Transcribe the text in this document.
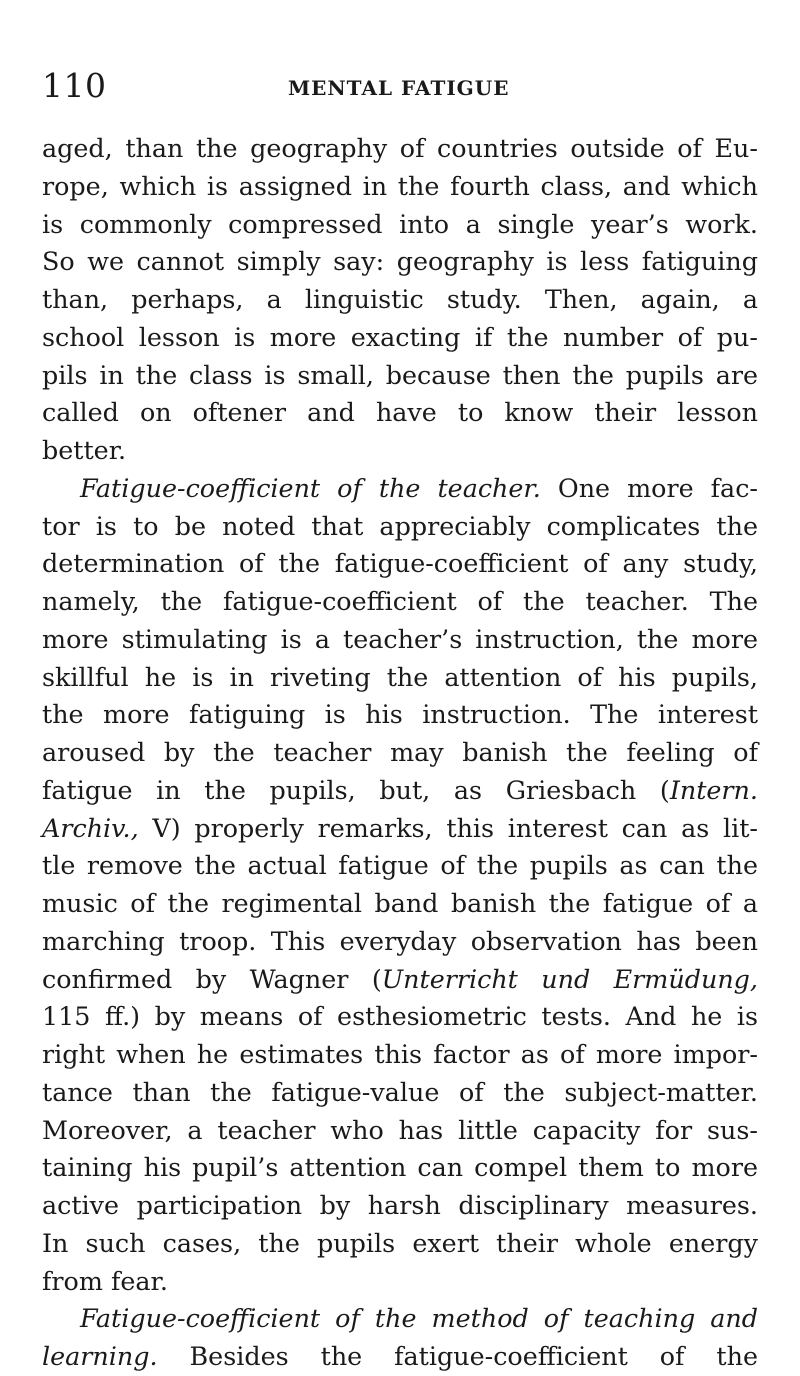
110	MENTAL FATIGUE
aged, than the geography of countries outside of Eu-
rope, which is assigned in the fourth class, and which
is commonly compressed into a single year’s work.
So we cannot simply say: geography is less fatiguing
than, perhaps, a linguistic study. Then, again, a
school lesson is more exacting if the number of pu-
pils in the class is small, because then the pupils are
called on oftener and have to know their lesson
better.
Fatigue-coefficient of the teacher. One more fac-
tor is to be noted that appreciably complicates the
determination of the fatigue-coefficient of any study,
namely, the fatigue-coefficient of the teacher. The
more stimulating is a teacher’s instruction, the more
skillful he is in riveting the attention of his pupils,
the more fatiguing is his instruction. The interest
aroused by the teacher may banish the feeling of
fatigue in the pupils, but, as Griesbach (Intern.
Archiv., V) properly remarks, this interest can as lit-
tle remove the actual fatigue of the pupils as can the
music of the regimental band banish the fatigue of a
marching troop. This everyday observation has been
confirmed by Wagner (Unterricht und Ermüdung,
115 ff.) by means of esthesiometric tests. And he is
right when he estimates this factor as of more impor-
tance than the fatigue-value of the subject-matter.
Moreover, a teacher who has little capacity for sus-
taining his pupil’s attention can compel them to more
active participation by harsh disciplinary measures.
In such cases, the pupils exert their whole energy
from fear.
Fatigue-coefficient of the method of teaching and
learning. Besides the fatigue-coefficient of the
